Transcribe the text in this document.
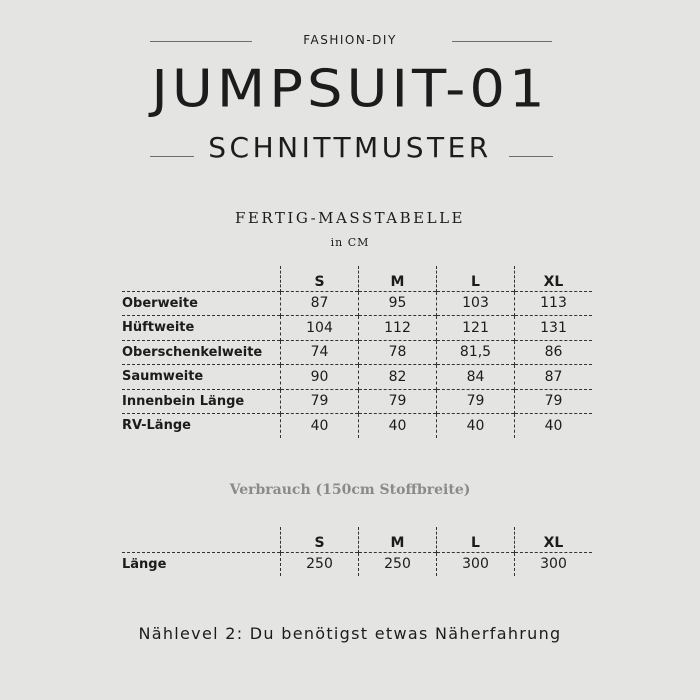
FASHION-DIY
JUMPSUIT-01
SCHNITTMUSTER
FERTIG-MASSTABELLE
in CM
	S	M	L	XL
Oberweite	87	95	103	113
Hüftweite	104	112	121	131
Oberschenkelweite	74	78	81,5	86
Saumweite	90	82	84	87
Innenbein Länge	79	79	79	79
RV-Länge	40	40	40	40
Verbrauch (150cm Stoffbreite)
	S	M	L	XL
Länge	250	250	300	300
Nählevel 2: Du benötigst etwas Näherfahrung
